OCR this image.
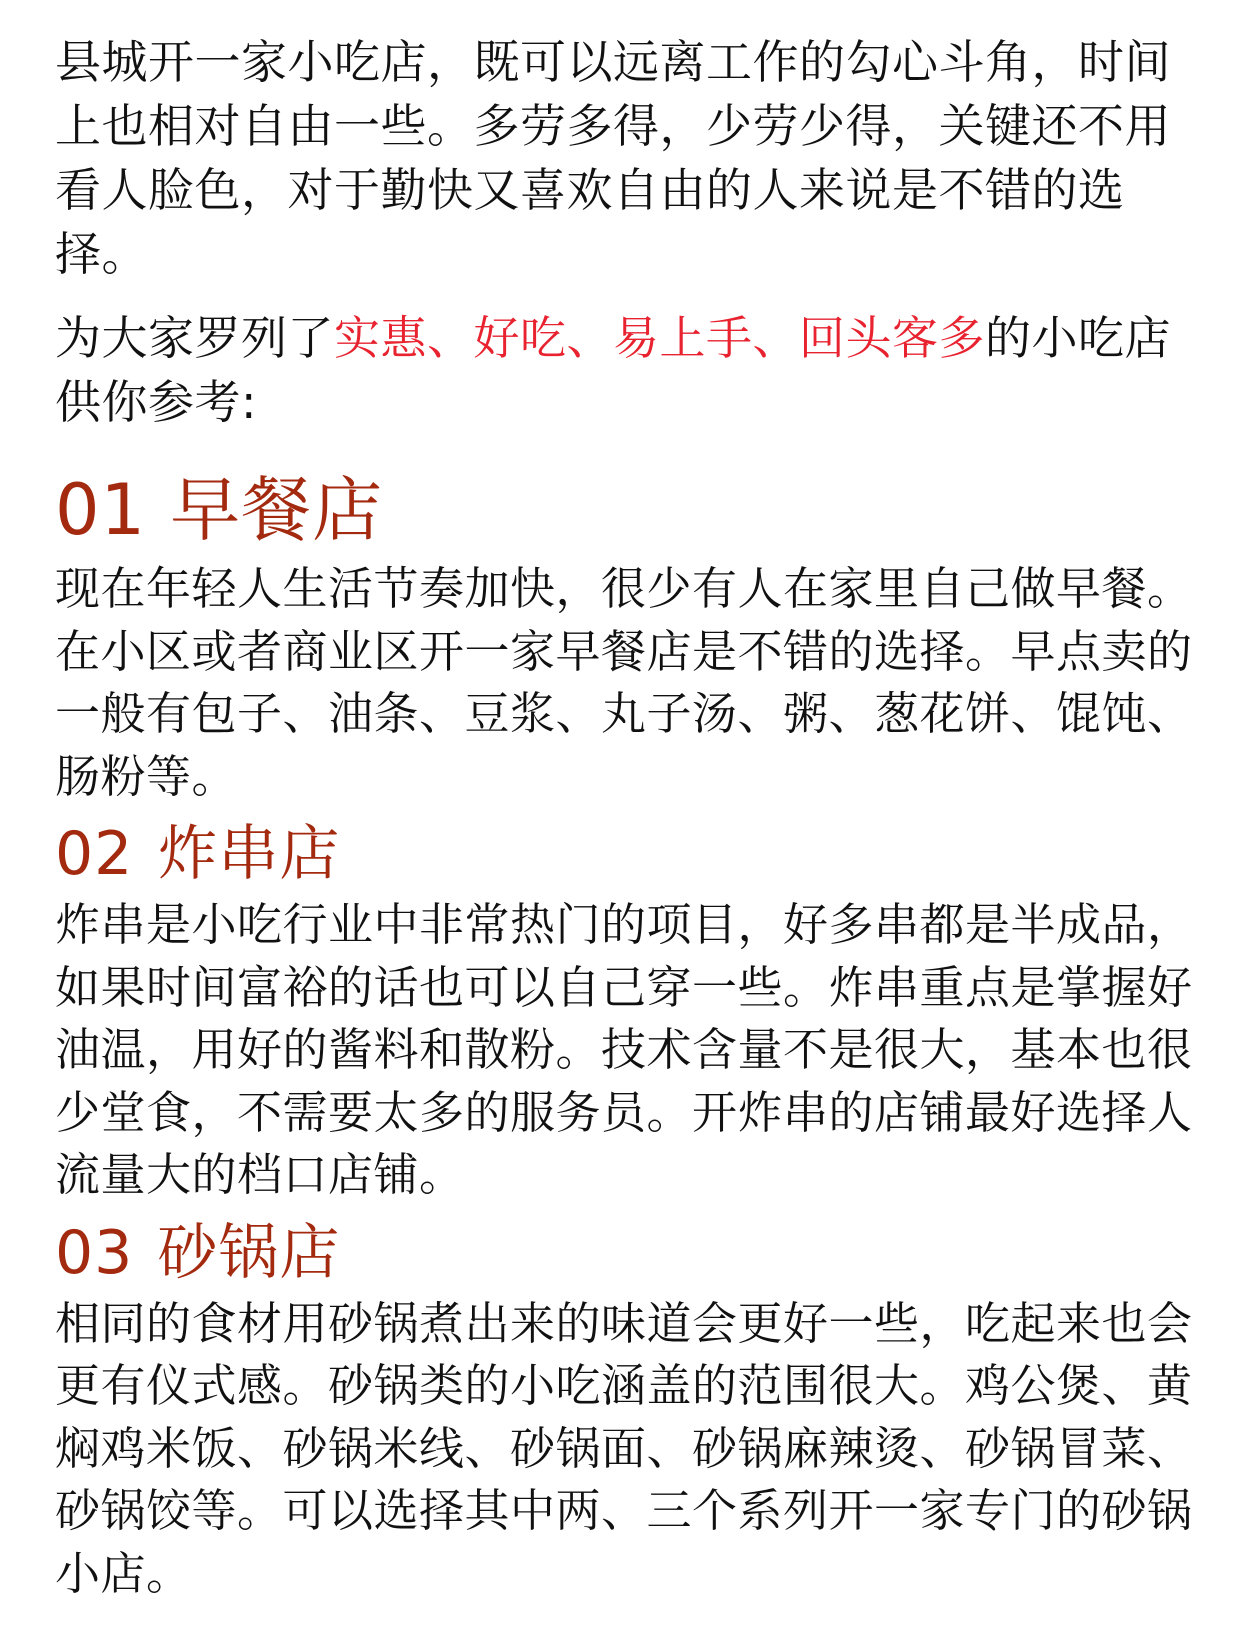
县城开一家小吃店，既可以远离工作的勾心斗角，时间上也相对自由一些。多劳多得，少劳少得，关键还不用看人脸色，对于勤快又喜欢自由的人来说是不错的选择。

为大家罗列了实惠、好吃、易上手、回头客多的小吃店供你参考:

01 早餐店

现在年轻人生活节奏加快，很少有人在家里自己做早餐。在小区或者商业区开一家早餐店是不错的选择。早点卖的一般有包子、油条、豆浆、丸子汤、粥、葱花饼、馄饨、肠粉等。

02 炸串店

炸串是小吃行业中非常热门的项目，好多串都是半成品，如果时间富裕的话也可以自己穿一些。炸串重点是掌握好油温，用好的酱料和散粉。技术含量不是很大，基本也很少堂食，不需要太多的服务员。开炸串的店铺最好选择人流量大的档口店铺。

03 砂锅店

相同的食材用砂锅煮出来的味道会更好一些，吃起来也会更有仪式感。砂锅类的小吃涵盖的范围很大。鸡公煲、黄焖鸡米饭、砂锅米线、砂锅面、砂锅麻辣烫、砂锅冒菜、砂锅饺等。可以选择其中两、三个系列开一家专门的砂锅小店。
